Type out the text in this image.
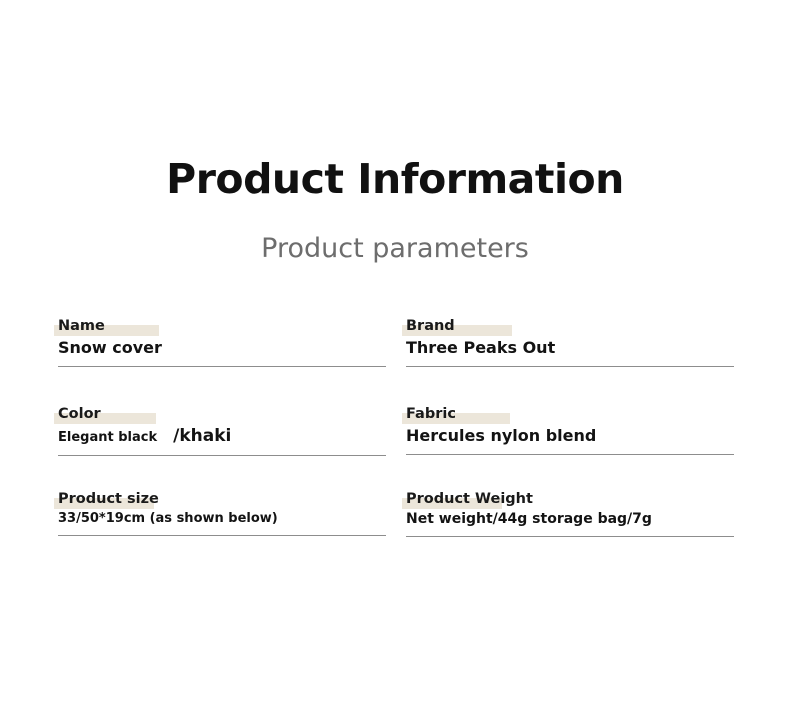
Product Information
Product parameters
Name
Snow cover
Brand
Three Peaks Out
Color
Elegant black /khaki
Fabric
Hercules nylon blend
Product size
33/50*19cm (as shown below)
Product Weight
Net weight/44g storage bag/7g
